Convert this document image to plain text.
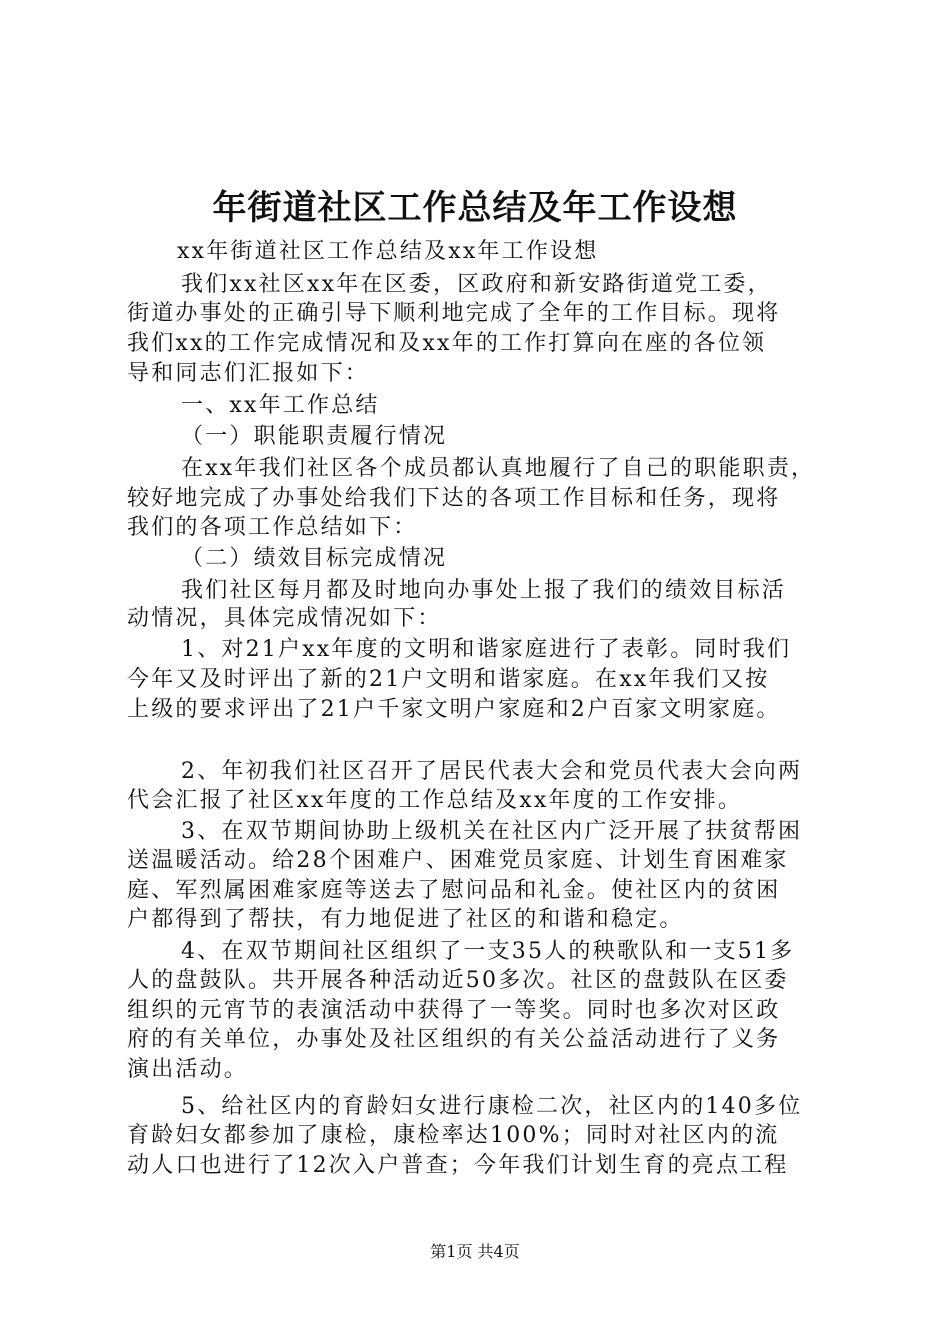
年街道社区工作总结及年工作设想
xx年街道社区工作总结及xx年工作设想
我们xx社区xx年在区委，区政府和新安路街道党工委，
街道办事处的正确引导下顺利地完成了全年的工作目标。现将
我们xx的工作完成情况和及xx年的工作打算向在座的各位领
导和同志们汇报如下：
一、xx年工作总结
（一）职能职责履行情况
在xx年我们社区各个成员都认真地履行了自己的职能职责，
较好地完成了办事处给我们下达的各项工作目标和任务，现将
我们的各项工作总结如下：
（二）绩效目标完成情况
我们社区每月都及时地向办事处上报了我们的绩效目标活
动情况，具体完成情况如下：
1、对21户xx年度的文明和谐家庭进行了表彰。同时我们
今年又及时评出了新的21户文明和谐家庭。在xx年我们又按
上级的要求评出了21户千家文明户家庭和2户百家文明家庭。
2、年初我们社区召开了居民代表大会和党员代表大会向两
代会汇报了社区xx年度的工作总结及xx年度的工作安排。
3、在双节期间协助上级机关在社区内广泛开展了扶贫帮困
送温暖活动。给28个困难户、困难党员家庭、计划生育困难家
庭、军烈属困难家庭等送去了慰问品和礼金。使社区内的贫困
户都得到了帮扶，有力地促进了社区的和谐和稳定。
4、在双节期间社区组织了一支35人的秧歌队和一支51多
人的盘鼓队。共开展各种活动近50多次。社区的盘鼓队在区委
组织的元宵节的表演活动中获得了一等奖。同时也多次对区政
府的有关单位，办事处及社区组织的有关公益活动进行了义务
演出活动。
5、给社区内的育龄妇女进行康检二次，社区内的140多位
育龄妇女都参加了康检，康检率达100%；同时对社区内的流
动人口也进行了12次入户普查；今年我们计划生育的亮点工程
第1页 共4页
